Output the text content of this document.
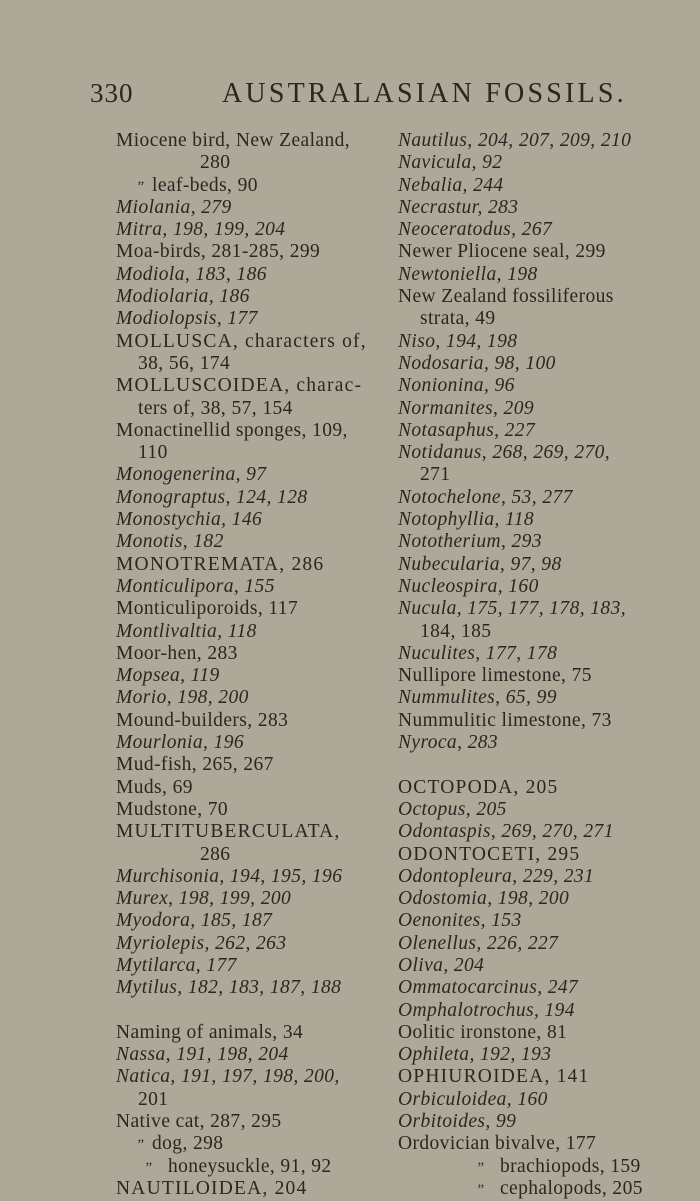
330	AUSTRALASIAN FOSSILS.
Miocene bird, New Zealand,
280
” leaf-beds, 90
Miolania, 279
Mitra, 198, 199, 204
Moa-birds, 281-285, 299
Modiola, 183, 186
Modiolaria, 186
Modiolopsis, 177
MOLLUSCA, characters of,
38, 56, 174
MOLLUSCOIDEA, charac-
ters of, 38, 57, 154
Monactinellid sponges, 109,
110
Monogenerina, 97
Monograptus, 124, 128
Monostychia, 146
Monotis, 182
MONOTREMATA, 286
Monticulipora, 155
Monticuliporoids, 117
Montlivaltia, 118
Moor-hen, 283
Mopsea, 119
Morio, 198, 200
Mound-builders, 283
Mourlonia, 196
Mud-fish, 265, 267
Muds, 69
Mudstone, 70
MULTITUBERCULATA,
286
Murchisonia, 194, 195, 196
Murex, 198, 199, 200
Myodora, 185, 187
Myriolepis, 262, 263
Mytilarca, 177
Mytilus, 182, 183, 187, 188
Naming of animals, 34
Nassa, 191, 198, 204
Natica, 191, 197, 198, 200,
201
Native cat, 287, 295
” dog, 298
” honeysuckle, 91, 92
NAUTILOIDEA, 204
Nautilus, 204, 207, 209, 210
Navicula, 92
Nebalia, 244
Necrastur, 283
Neoceratodus, 267
Newer Pliocene seal, 299
Newtoniella, 198
New Zealand fossiliferous
strata, 49
Niso, 194, 198
Nodosaria, 98, 100
Nonionina, 96
Normanites, 209
Notasaphus, 227
Notidanus, 268, 269, 270,
271
Notochelone, 53, 277
Notophyllia, 118
Nototherium, 293
Nubecularia, 97, 98
Nucleospira, 160
Nucula, 175, 177, 178, 183,
184, 185
Nuculites, 177, 178
Nullipore limestone, 75
Nummulites, 65, 99
Nummulitic limestone, 73
Nyroca, 283
OCTOPODA, 205
Octopus, 205
Odontaspis, 269, 270, 271
ODONTOCETI, 295
Odontopleura, 229, 231
Odostomia, 198, 200
Oenonites, 153
Olenellus, 226, 227
Oliva, 204
Ommatocarcinus, 247
Omphalotrochus, 194
Oolitic ironstone, 81
Ophileta, 192, 193
OPHIUROIDEA, 141
Orbiculoidea, 160
Orbitoides, 99
Ordovician bivalve, 177
” brachiopods, 159
” cephalopods, 205
